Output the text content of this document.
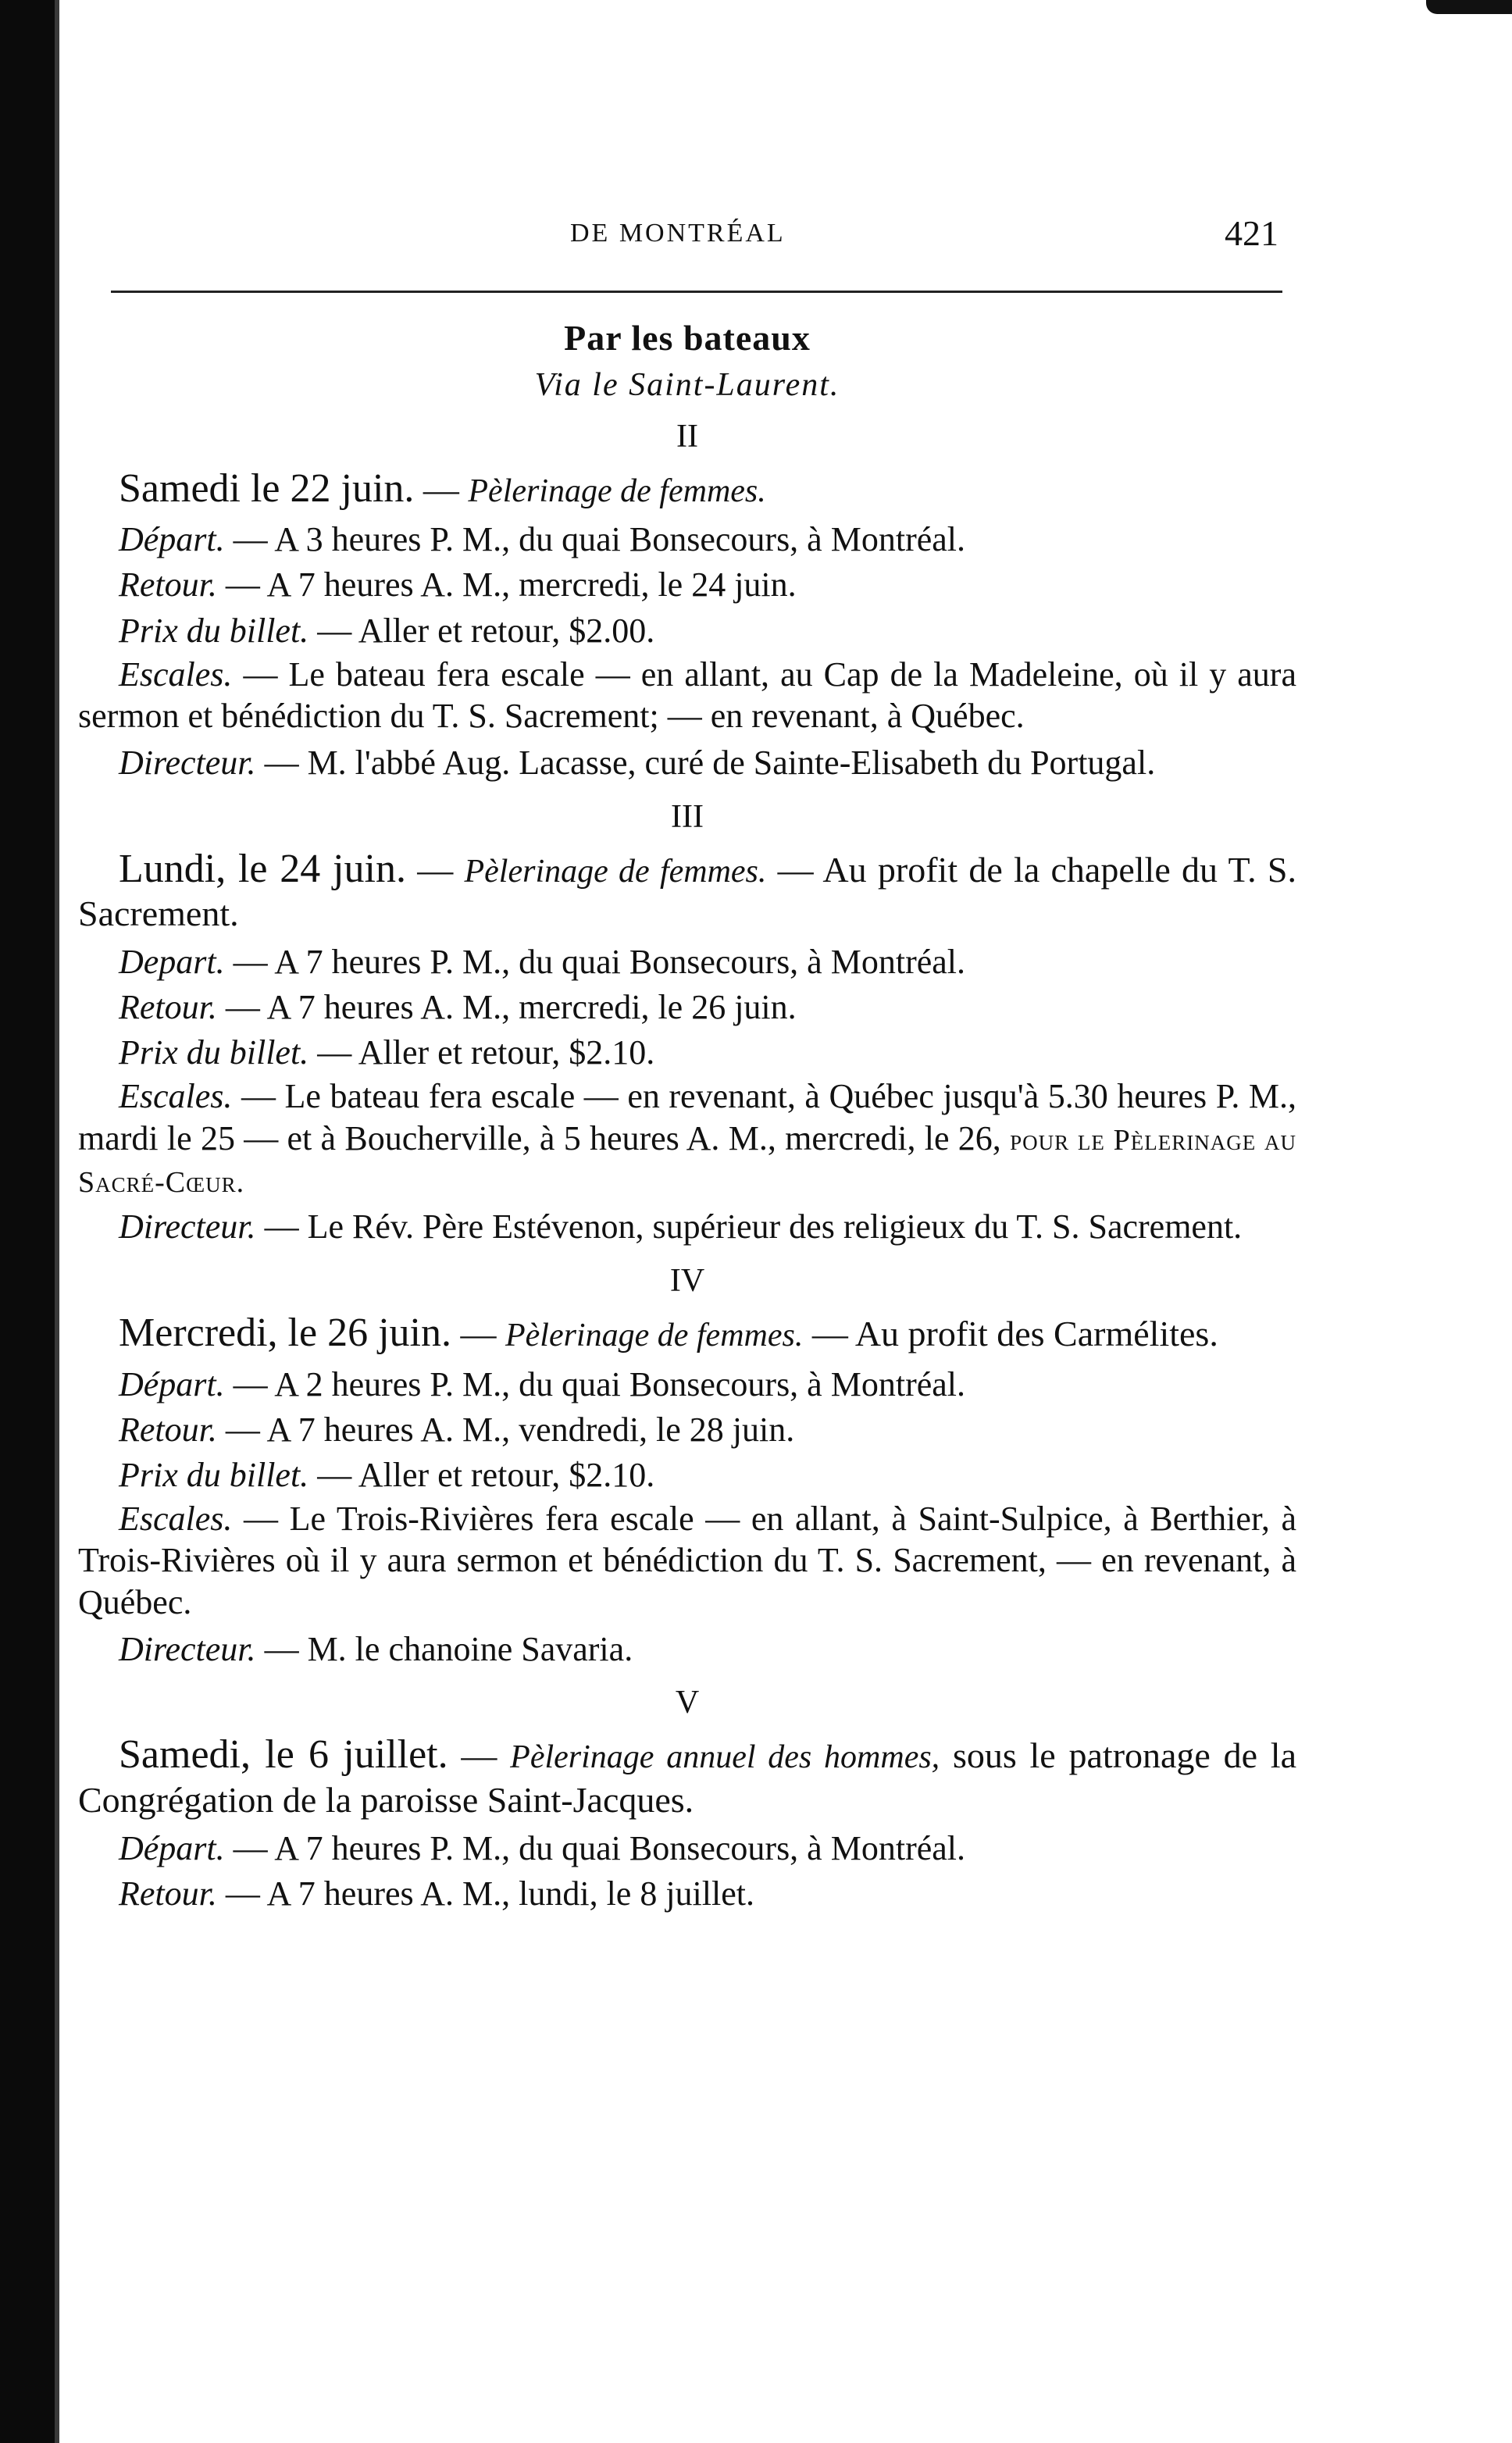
DE MONTRÉAL	421
Par les bateaux
Via le Saint-Laurent.
II

Samedi le 22 juin. — Pèlerinage de femmes.

Départ. — A 3 heures P. M., du quai Bonsecours, à Montréal.

Retour. — A 7 heures A. M., mercredi, le 24 juin.

Prix du billet. — Aller et retour, $2.00.

Escales. — Le bateau fera escale — en allant, au Cap de la Madeleine, où il y aura sermon et bénédiction du T. S. Sacrement; — en revenant, à Québec.

Directeur. — M. l'abbé Aug. Lacasse, curé de Sainte-Elisabeth du Portugal.

III

Lundi, le 24 juin. — Pèlerinage de femmes. — Au profit de la chapelle du T. S. Sacrement.

Depart. — A 7 heures P. M., du quai Bonsecours, à Montréal.

Retour. — A 7 heures A. M., mercredi, le 26 juin.

Prix du billet. — Aller et retour, $2.10.

Escales. — Le bateau fera escale — en revenant, à Québec jusqu'à 5.30 heures P. M., mardi le 25 — et à Boucherville, à 5 heures A. M., mercredi, le 26, pour le Pèlerinage au Sacré-Cœur.

Directeur. — Le Rév. Père Estévenon, supérieur des religieux du T. S. Sacrement.

IV

Mercredi, le 26 juin. — Pèlerinage de femmes. — Au profit des Carmélites.

Départ. — A 2 heures P. M., du quai Bonsecours, à Montréal.

Retour. — A 7 heures A. M., vendredi, le 28 juin.

Prix du billet. — Aller et retour, $2.10.

Escales. — Le Trois-Rivières fera escale — en allant, à Saint-Sulpice, à Berthier, à Trois-Rivières où il y aura sermon et bénédiction du T. S. Sacrement, — en revenant, à Québec.

Directeur. — M. le chanoine Savaria.

V

Samedi, le 6 juillet. — Pèlerinage annuel des hommes, sous le patronage de la Congrégation de la paroisse Saint-Jacques.

Départ. — A 7 heures P. M., du quai Bonsecours, à Montréal.

Retour. — A 7 heures A. M., lundi, le 8 juillet.
